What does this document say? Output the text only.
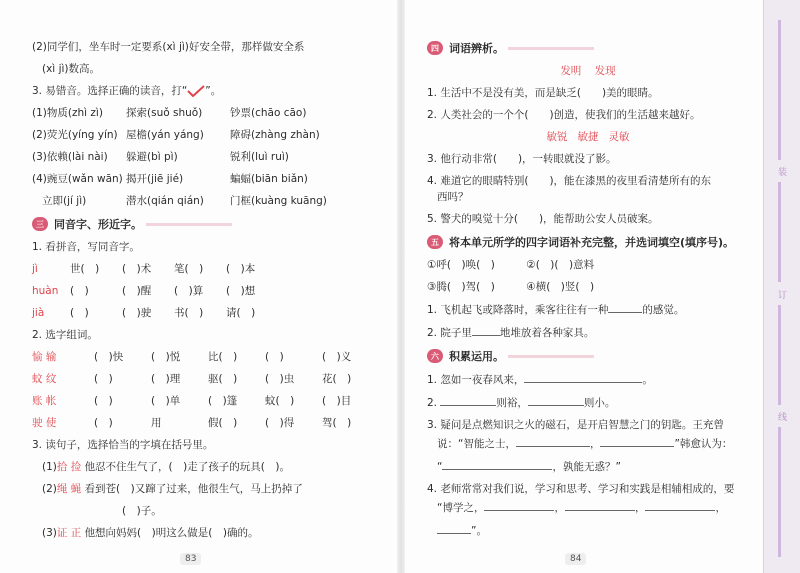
(2)同学们，坐车时一定要系(xì jì)好安全带，那样做安全系
(xì jì)数高。
3. 易错音。选择正确的读音，打“ ”。
(1)物质(zhì zì)	探索(suǒ shuǒ)	钞票(chāo cāo)
(2)荧光(yíng yín) 屋檐(yán yáng)	障碍(zhàng zhàn)
(3)依赖(lài nài)	躲避(bì pì)	锐利(luì ruì)
(4)豌豆(wǎn wān) 揭开(jiē jié)	蝙蝠(biān biǎn)
立即(jí jì)	潜水(qián qián)	门框(kuàng kuāng)
三 同音字、形近字。
1. 看拼音，写同音字。
jì	世(　)	(　)术	笔(　)	(　)本
huàn	(　)	(　)醒	(　)算	(　)想
jià	(　)	(　)驶	书(　)	请(　)
2. 选字组词。
愉 输	(　)快	(　)悦	比(　)	(　)	(　)义
蚊 纹	(　)	(　)理	驱(　)	(　)虫	花(　)
账 帐	(　)	(　)单	(　)篷	蚊(　)	(　)目
驶 使	(　)	用	假(　)	(　)得	驾(　)
3. 读句子，选择恰当的字填在括号里。
(1)拾 捡 他忍不住生气了，(　)走了孩子的玩具(　)。
(2)绳 蝇 看到苍(　)又蹿了过来，他很生气，马上扔掉了
(　)子。
(3)证 正 他想向妈妈(　)明这么做是(　)确的。
83
四 词语辨析。
发明 发现
1. 生活中不是没有美，而是缺乏(　　)美的眼睛。
2. 人类社会的一个个(　　)创造，使我们的生活越来越好。
敏锐 敏捷 灵敏
3. 他行动非常(　　)，一转眼就没了影。
4. 难道它的眼睛特别(　　)，能在漆黑的夜里看清楚所有的东
西吗？
5. 警犬的嗅觉十分(　　)，能帮助公安人员破案。
五 将本单元所学的四字词语补充完整，并选词填空(填序号)。
①呼(　)唤(　)　　　②(　)(　)意料
③腾(　)驾(　)　　　④横(　)竖(　)
1. 飞机起飞或降落时，乘客往往有一种	的感觉。
2. 院子里	地堆放着各种家具。
六 积累运用。
1. 忽如一夜春风来，	。
2.	则裕，	则小。
3. 疑问是点燃知识之火的磁石，是开启智慧之门的钥匙。王充曾
说：“智能之士，	，	”韩愈认为：
“	，孰能无惑？”
4. 老师常常对我们说，学习和思考、学习和实践是相辅相成的，要
“博学之，	，	，	，
”。
84
装
订
线
